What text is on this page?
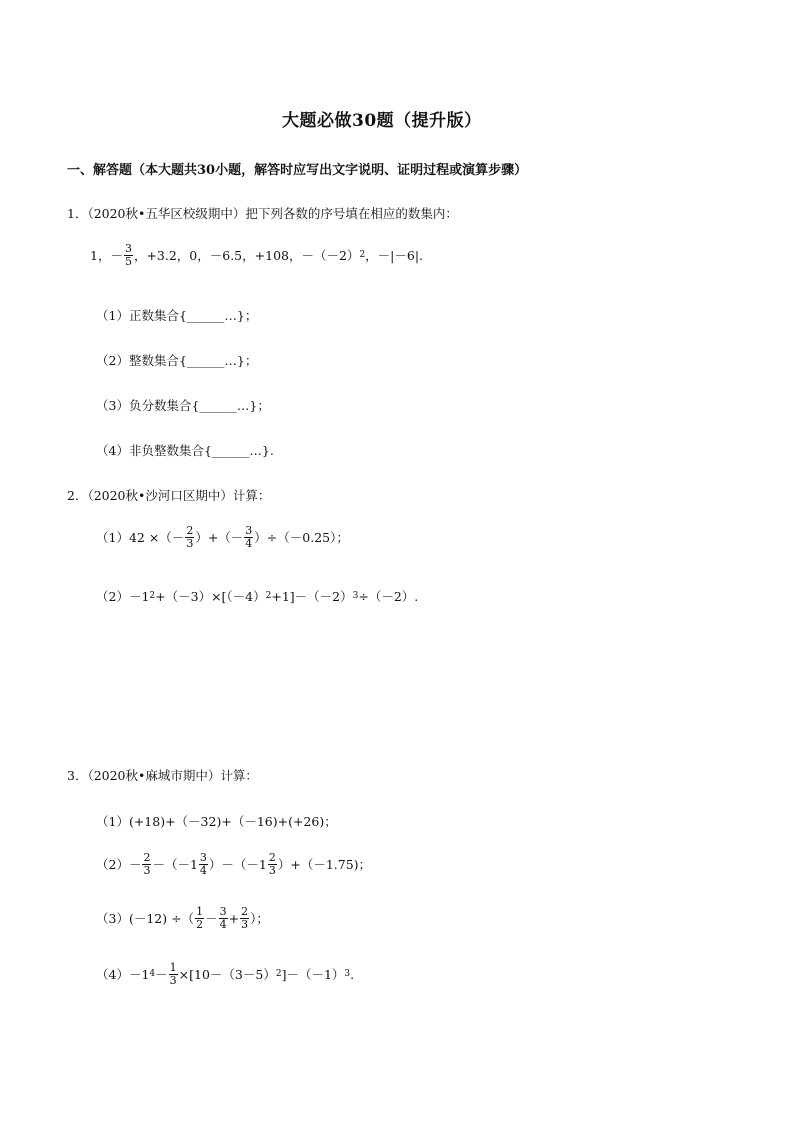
大题必做30题（提升版）
一、解答题（本大题共30小题，解答时应写出文字说明、证明过程或演算步骤）
1．（2020秋•五华区校级期中）把下列各数的序号填在相应的数集内：
1，－ $\frac{3}{5}$ ，+3.2，0，－6.5，+108，－（－2） 2 ，－|－6|.
（1）正数集合{______…}；
（2）整数集合{______…}；
（3）负分数集合{______…}；
（4）非负整数集合{______…}.
2．（2020秋•沙河口区期中）计算：
（1）42 ×（－ $\frac{2}{3}$ ）+（－ $\frac{3}{4} )\div(-0.25)$；
（2）－1 2 +（－3）×[（－4） 2 +1]－（－2） 3 ÷（－2）.
3．（2020秋•麻城市期中）计算：
（1）(+18)+（－32)+（－16)+(+26)；
$(2)- \frac{2}{3} -(-1 \frac{3}{4} )-(-1 \frac{2}{3} )+(-1.75)$；
（3）(－12) ÷（ $\frac{1}{2} - \frac{3}{4} + \frac{2}{3}$ ）；
（4）－1 $4 - \frac{1}{3} \times[10-(3-5)$ 2 ]－（－1） 3 .
